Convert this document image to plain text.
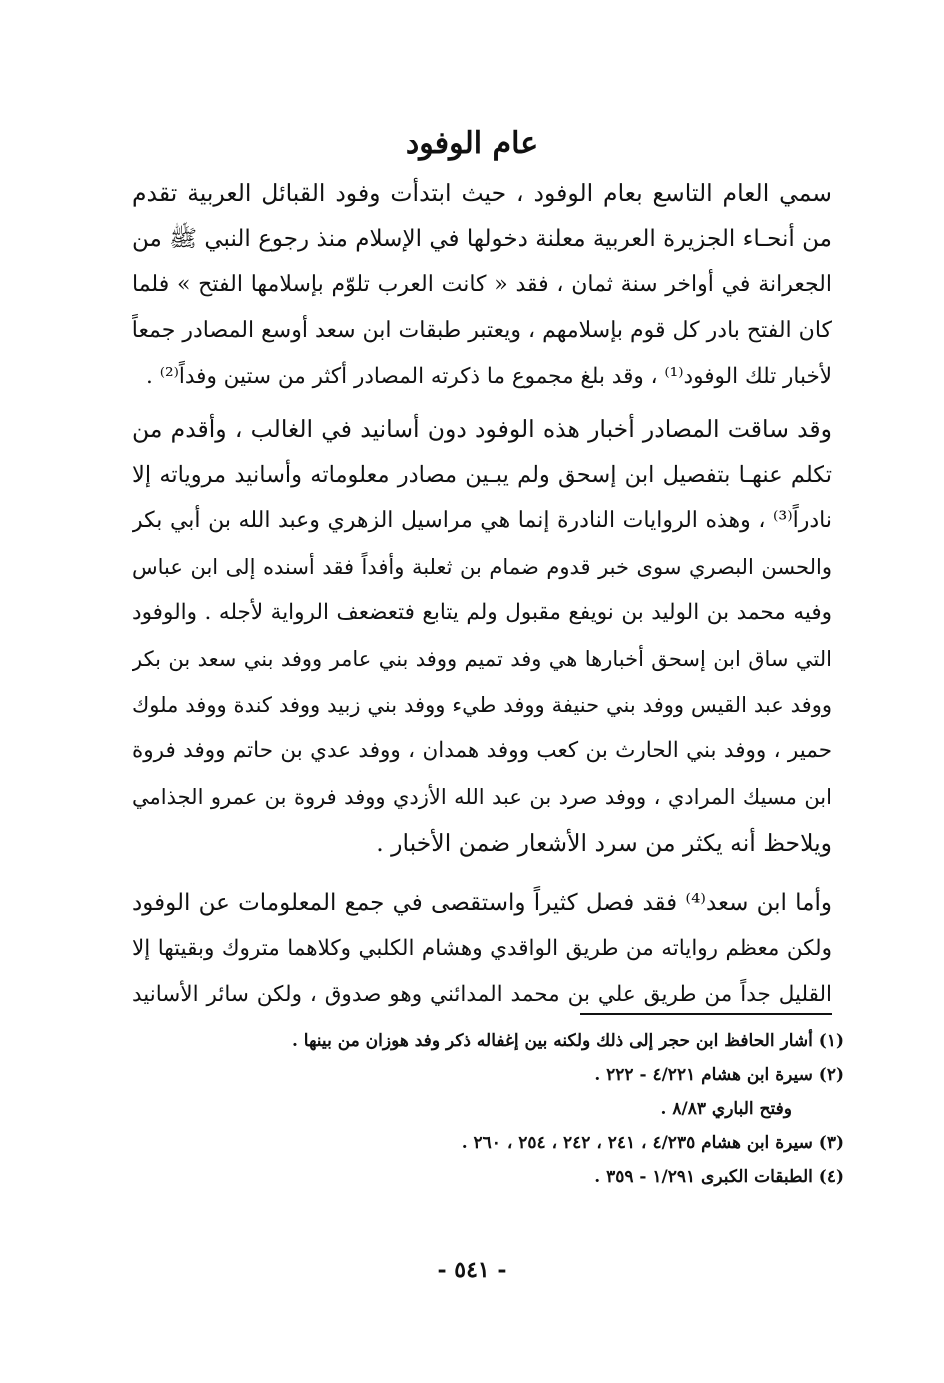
عام الوفود
سمي العام التاسع بعام الوفود ، حيث ابتدأت وفود القبائل العربية تقدم
من أنحـاء الجزيرة العربية معلنة دخولها في الإسلام منذ رجوع النبي ﷺ من
الجعرانة في أواخر سنة ثمان ، فقد « كانت العرب تلوّم بإسلامها الفتح » فلما
كان الفتح بادر كل قوم بإسلامهم ، ويعتبر طبقات ابن سعد أوسع المصادر جمعاً
لأخبار تلك الوفود⁽¹⁾ ، وقد بلغ مجموع ما ذكرته المصادر أكثر من ستين وفداً⁽²⁾ .
وقد ساقت المصادر أخبار هذه الوفود دون أسانيد في الغالب ، وأقدم من
تكلم عنهـا بتفصيل ابن إسحق ولم يبـين مصادر معلوماته وأسانيد مروياته إلا
نادراً⁽³⁾ ، وهذه الروايات النادرة إنما هي مراسيل الزهري وعبد الله بن أبي بكر
والحسن البصري سوى خبر قدوم ضمام بن ثعلبة وأفداً فقد أسنده إلى ابن عباس
وفيه محمد بن الوليد بن نويفع مقبول ولم يتابع فتعضعف الرواية لأجله . والوفود
التي ساق ابن إسحق أخبارها هي وفد تميم ووفد بني عامر ووفد بني سعد بن بكر
ووفد عبد القيس ووفد بني حنيفة ووفد طيء ووفد بني زبيد ووفد كندة ووفد ملوك
حمير ، ووفد بني الحارث بن كعب ووفد همدان ، ووفد عدي بن حاتم ووفد فروة
ابن مسيك المرادي ، ووفد صرد بن عبد الله الأزدي ووفد فروة بن عمرو الجذامي
ويلاحظ أنه يكثر من سرد الأشعار ضمن الأخبار .
وأما ابن سعد⁽⁴⁾ فقد فصل كثيراً واستقصى في جمع المعلومات عن الوفود
ولكن معظم رواياته من طريق الواقدي وهشام الكلبي وكلاهما متروك وبقيتها إلا
القليل جداً من طريق علي بن محمد المدائني وهو صدوق ، ولكن سائر الأسانيد
(١) أشار الحافظ ابن حجر إلى ذلك ولكنه بين إغفاله ذكر وفد هوزان من بينها .
(٢) سيرة ابن هشام ٤/٢٢١ - ٢٢٢ .
وفتح الباري ٨/٨٣ .
(٣) سيرة ابن هشام ٤/٢٣٥ ، ٢٤١ ، ٢٤٢ ، ٢٥٤ ، ٢٦٠ .
(٤) الطبقات الكبرى ١/٢٩١ - ٣٥٩ .
- ٥٤١ -
